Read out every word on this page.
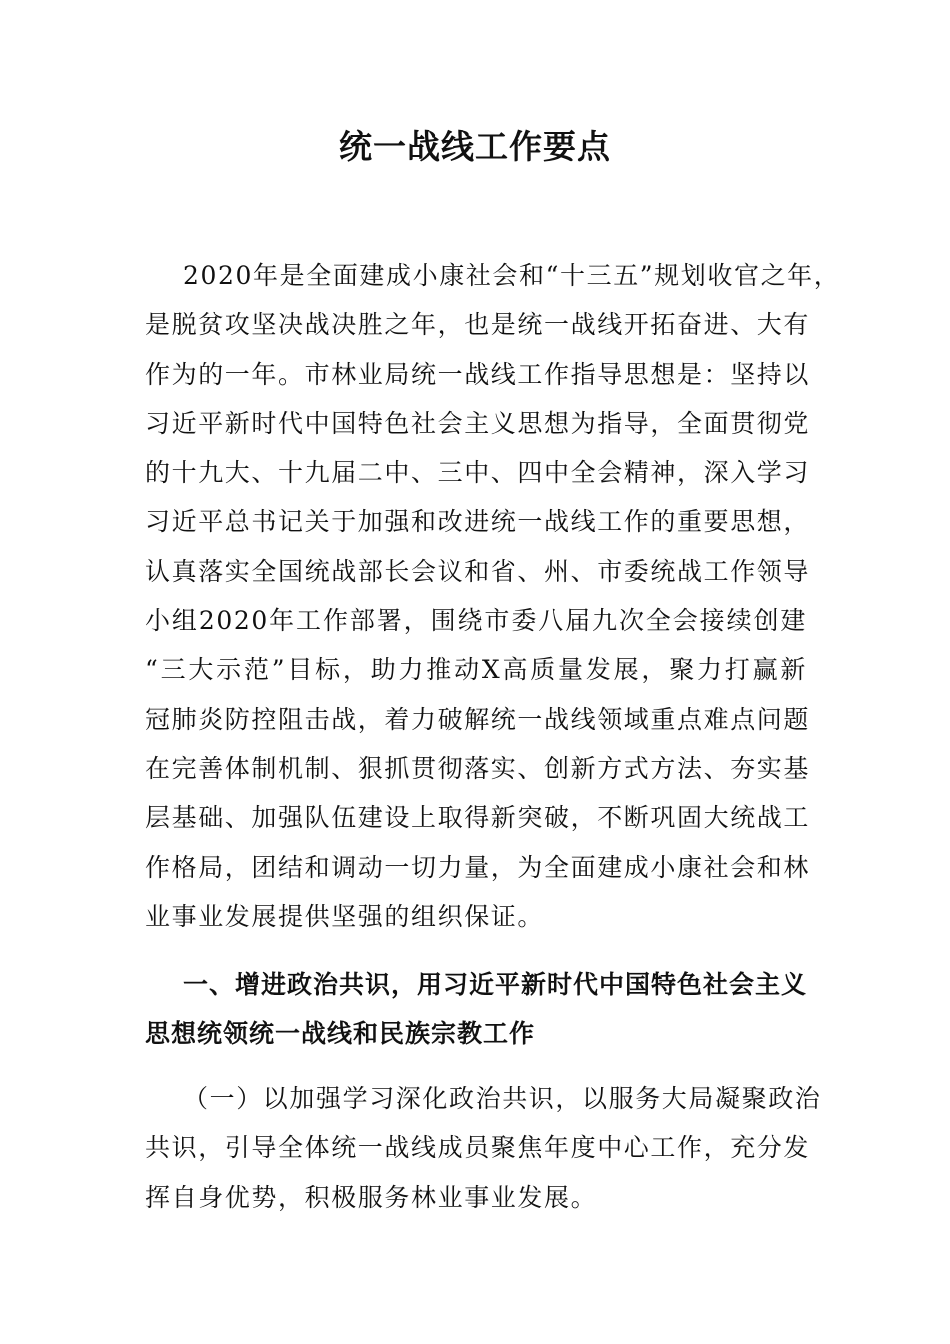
统一战线工作要点

2020年是全面建成小康社会和“十三五”规划收官之年，
是脱贫攻坚决战决胜之年，也是统一战线开拓奋进、大有
作为的一年。市林业局统一战线工作指导思想是：坚持以
习近平新时代中国特色社会主义思想为指导，全面贯彻党
的十九大、十九届二中、三中、四中全会精神，深入学习
习近平总书记关于加强和改进统一战线工作的重要思想，
认真落实全国统战部长会议和省、州、市委统战工作领导
小组2020年工作部署，围绕市委八届九次全会接续创建
“三大示范”目标，助力推动X高质量发展，聚力打赢新
冠肺炎防控阻击战，着力破解统一战线领域重点难点问题
在完善体制机制、狠抓贯彻落实、创新方式方法、夯实基
层基础、加强队伍建设上取得新突破，不断巩固大统战工
作格局，团结和调动一切力量，为全面建成小康社会和林
业事业发展提供坚强的组织保证。

一、增进政治共识，用习近平新时代中国特色社会主义
思想统领统一战线和民族宗教工作

（一）以加强学习深化政治共识，以服务大局凝聚政治
共识，引导全体统一战线成员聚焦年度中心工作，充分发
挥自身优势，积极服务林业事业发展。
